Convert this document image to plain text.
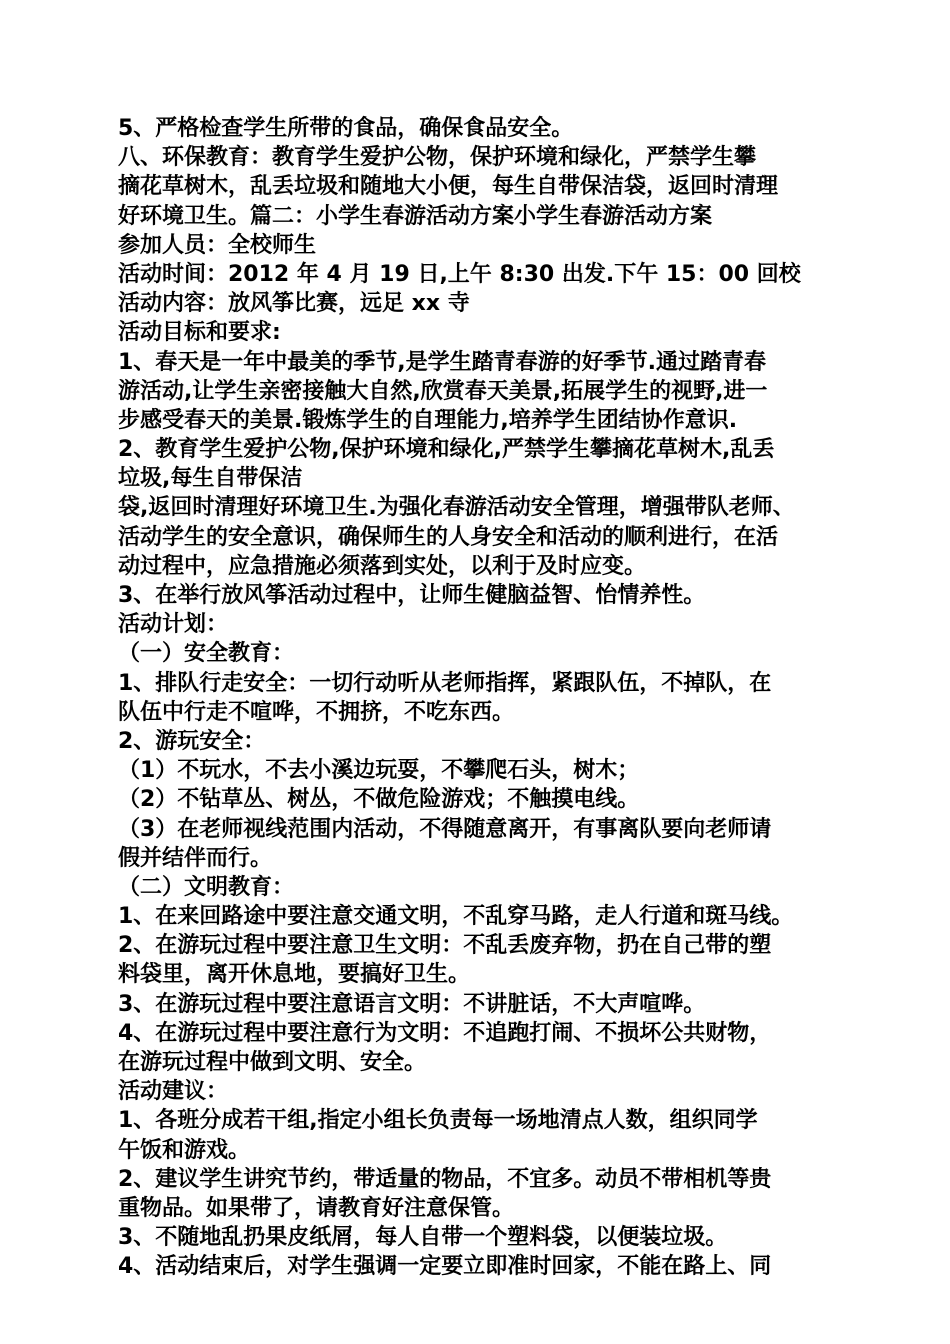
5、严格检查学生所带的食品，确保食品安全。
八、环保教育：教育学生爱护公物，保护环境和绿化，严禁学生攀
摘花草树木，乱丢垃圾和随地大小便，每生自带保洁袋，返回时清理
好环境卫生。篇二：小学生春游活动方案小学生春游活动方案
参加人员：全校师生
活动时间：2012 年 4 月 19 日,上午 8:30 出发.下午 15：00 回校
活动内容：放风筝比赛，远足 xx 寺
活动目标和要求:
1、春天是一年中最美的季节,是学生踏青春游的好季节.通过踏青春
游活动,让学生亲密接触大自然,欣赏春天美景,拓展学生的视野,进一
步感受春天的美景.锻炼学生的自理能力,培养学生团结协作意识.
2、教育学生爱护公物,保护环境和绿化,严禁学生攀摘花草树木,乱丢
垃圾,每生自带保洁
袋,返回时清理好环境卫生.为强化春游活动安全管理，增强带队老师、
活动学生的安全意识，确保师生的人身安全和活动的顺利进行，在活
动过程中，应急措施必须落到实处，以利于及时应变。
3、在举行放风筝活动过程中，让师生健脑益智、怡情养性。
活动计划：
（一）安全教育：
1、排队行走安全：一切行动听从老师指挥，紧跟队伍，不掉队，在
队伍中行走不喧哗，不拥挤，不吃东西。
2、游玩安全：
（1）不玩水，不去小溪边玩耍，不攀爬石头，树木；
（2）不钻草丛、树丛，不做危险游戏；不触摸电线。
（3）在老师视线范围内活动，不得随意离开，有事离队要向老师请
假并结伴而行。
（二）文明教育：
1、在来回路途中要注意交通文明，不乱穿马路，走人行道和斑马线。
2、在游玩过程中要注意卫生文明：不乱丢废弃物，扔在自己带的塑
料袋里，离开休息地，要搞好卫生。
3、在游玩过程中要注意语言文明：不讲脏话，不大声喧哗。
4、在游玩过程中要注意行为文明：不追跑打闹、不损坏公共财物，
在游玩过程中做到文明、安全。
活动建议：
1、各班分成若干组,指定小组长负责每一场地清点人数，组织同学
午饭和游戏。
2、建议学生讲究节约，带适量的物品，不宜多。动员不带相机等贵
重物品。如果带了，请教育好注意保管。
3、不随地乱扔果皮纸屑，每人自带一个塑料袋，以便装垃圾。
4、活动结束后，对学生强调一定要立即准时回家，不能在路上、同
